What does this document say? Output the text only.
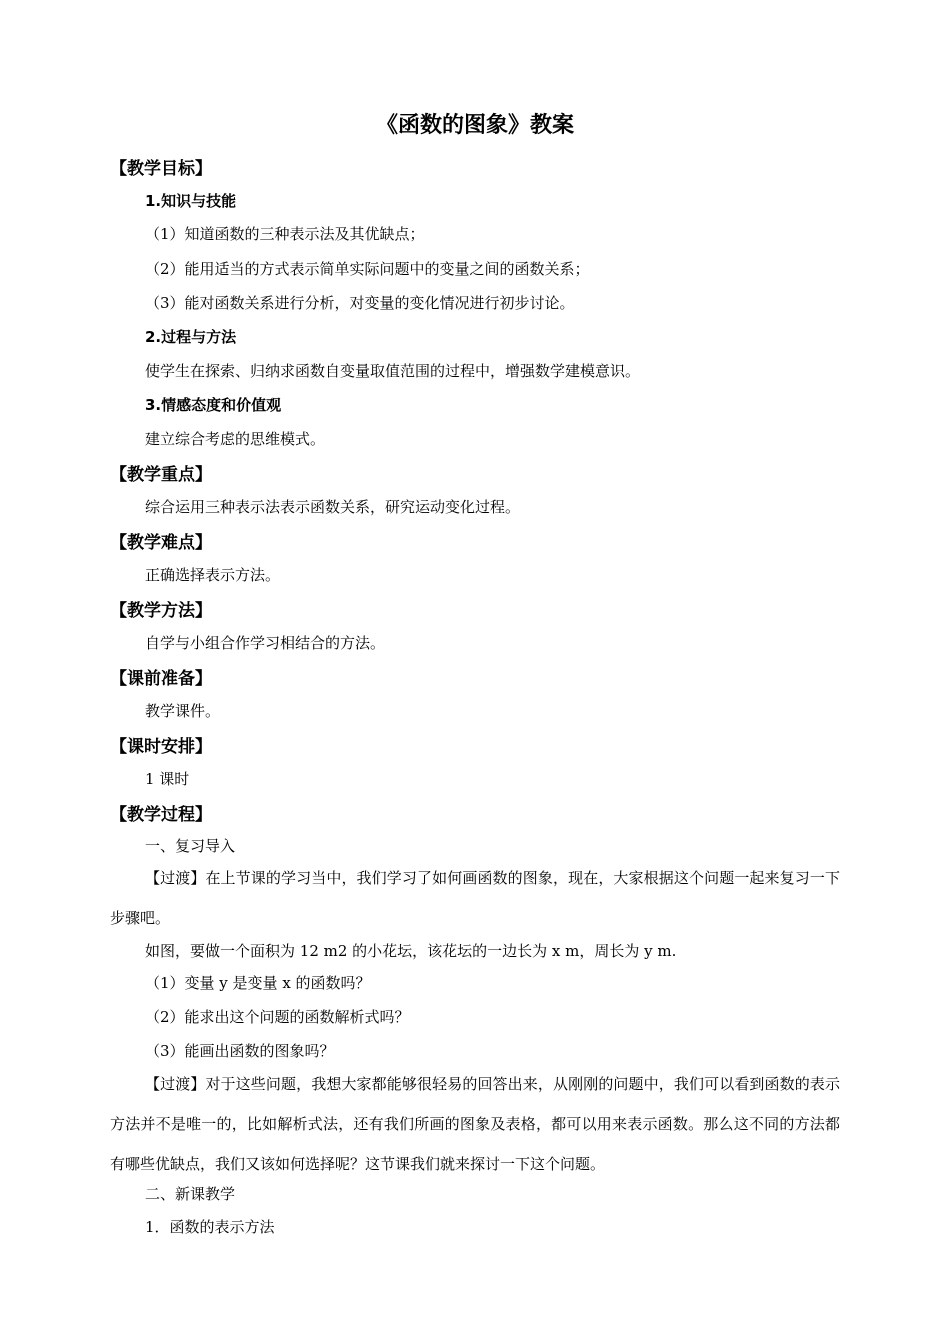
《函数的图象》教案
【教学目标】
1.知识与技能
（1）知道函数的三种表示法及其优缺点；
（2）能用适当的方式表示简单实际问题中的变量之间的函数关系；
（3）能对函数关系进行分析，对变量的变化情况进行初步讨论。
2.过程与方法
使学生在探索、归纳求函数自变量取值范围的过程中，增强数学建模意识。
3.情感态度和价值观
建立综合考虑的思维模式。
【教学重点】
综合运用三种表示法表示函数关系，研究运动变化过程。
【教学难点】
正确选择表示方法。
【教学方法】
自学与小组合作学习相结合的方法。
【课前准备】
教学课件。
【课时安排】
1 课时
【教学过程】
一、复习导入
【过渡】在上节课的学习当中，我们学习了如何画函数的图象，现在，大家根据这个问题一起来复习一下步骤吧。
如图，要做一个面积为 12 m2 的小花坛，该花坛的一边长为 x m，周长为 y m.
（1）变量 y 是变量 x 的函数吗？
（2）能求出这个问题的函数解析式吗？
（3）能画出函数的图象吗？
【过渡】对于这些问题，我想大家都能够很轻易的回答出来，从刚刚的问题中，我们可以看到函数的表示方法并不是唯一的，比如解析式法，还有我们所画的图象及表格，都可以用来表示函数。那么这不同的方法都有哪些优缺点，我们又该如何选择呢？这节课我们就来探讨一下这个问题。
二、新课教学
1．函数的表示方法
